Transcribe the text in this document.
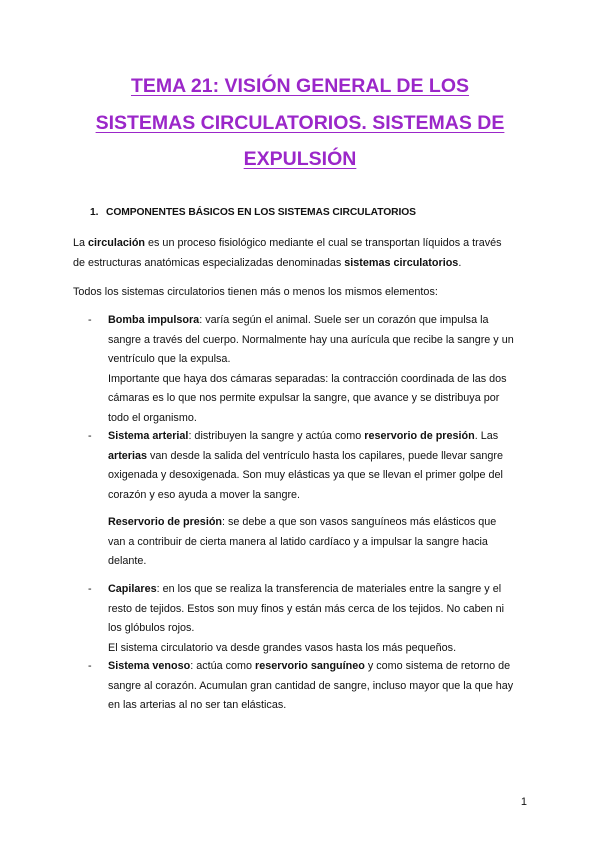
TEMA 21: VISIÓN GENERAL DE LOS
SISTEMAS CIRCULATORIOS. SISTEMAS DE
EXPULSIÓN
1. COMPONENTES BÁSICOS EN LOS SISTEMAS CIRCULATORIOS
La circulación es un proceso fisiológico mediante el cual se transportan líquidos a través
de estructuras anatómicas especializadas denominadas sistemas circulatorios.
Todos los sistemas circulatorios tienen más o menos los mismos elementos:
- Bomba impulsora: varía según el animal. Suele ser un corazón que impulsa la
sangre a través del cuerpo. Normalmente hay una aurícula que recibe la sangre y un
ventrículo que la expulsa.
Importante que haya dos cámaras separadas: la contracción coordinada de las dos
cámaras es lo que nos permite expulsar la sangre, que avance y se distribuya por
todo el organismo.
- Sistema arterial: distribuyen la sangre y actúa como reservorio de presión. Las
arterias van desde la salida del ventrículo hasta los capilares, puede llevar sangre
oxigenada y desoxigenada. Son muy elásticas ya que se llevan el primer golpe del
corazón y eso ayuda a mover la sangre.
Reservorio de presión: se debe a que son vasos sanguíneos más elásticos que
van a contribuir de cierta manera al latido cardíaco y a impulsar la sangre hacia
delante.
- Capilares: en los que se realiza la transferencia de materiales entre la sangre y el
resto de tejidos. Estos son muy finos y están más cerca de los tejidos. No caben ni
los glóbulos rojos.
El sistema circulatorio va desde grandes vasos hasta los más pequeños.
- Sistema venoso: actúa como reservorio sanguíneo y como sistema de retorno de
sangre al corazón. Acumulan gran cantidad de sangre, incluso mayor que la que hay
en las arterias al no ser tan elásticas.
1
